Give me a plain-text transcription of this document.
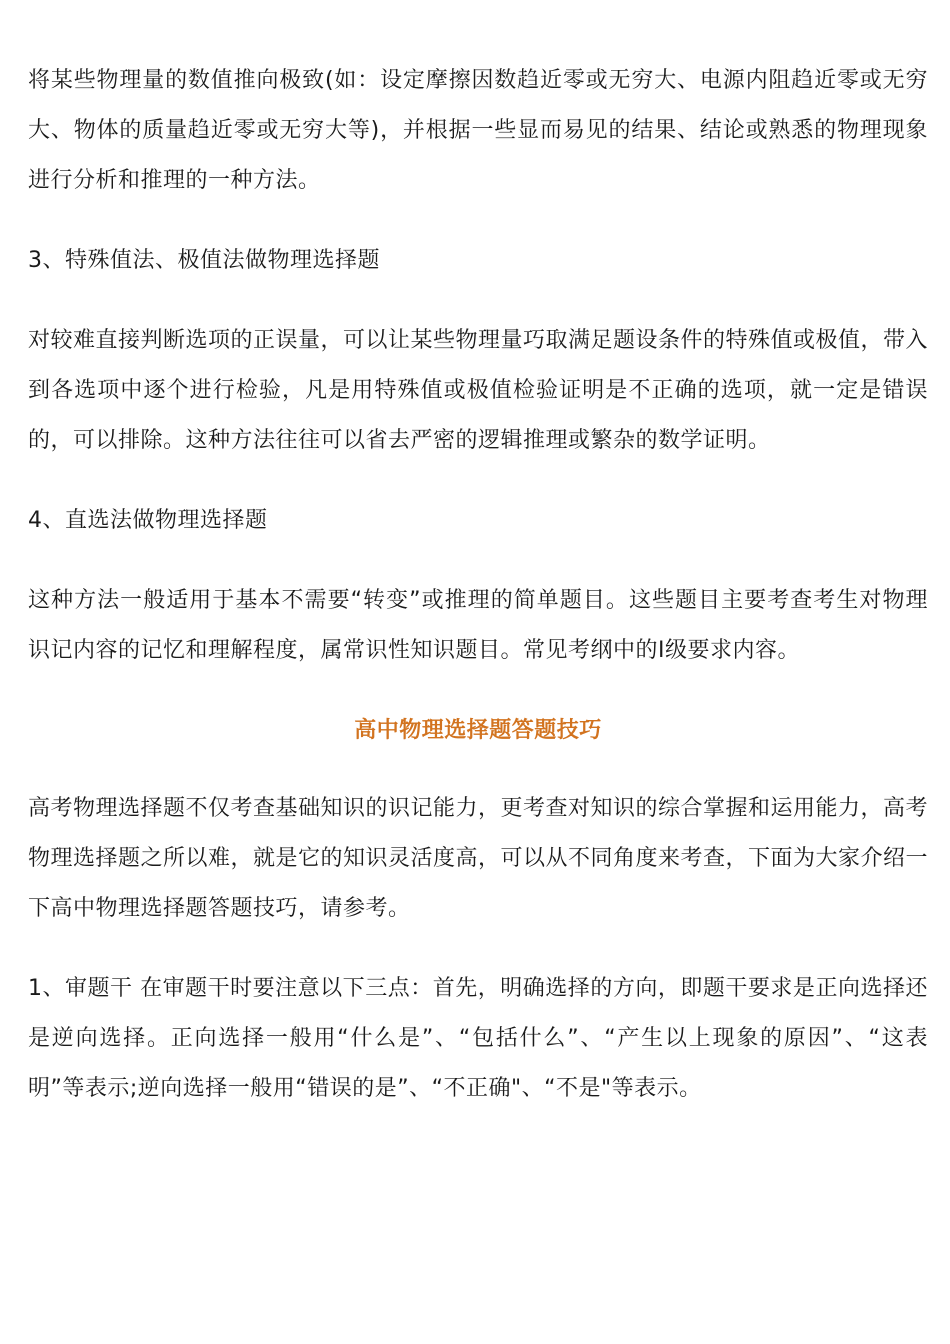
将某些物理量的数值推向极致(如：设定摩擦因数趋近零或无穷大、电源内阻趋近零或无穷大、物体的质量趋近零或无穷大等)，并根据一些显而易见的结果、结论或熟悉的物理现象进行分析和推理的一种方法。

3、特殊值法、极值法做物理选择题

对较难直接判断选项的正误量，可以让某些物理量巧取满足题设条件的特殊值或极值，带入到各选项中逐个进行检验，凡是用特殊值或极值检验证明是不正确的选项，就一定是错误的，可以排除。这种方法往往可以省去严密的逻辑推理或繁杂的数学证明。

4、直选法做物理选择题

这种方法一般适用于基本不需要“转变”或推理的简单题目。这些题目主要考查考生对物理识记内容的记忆和理解程度，属常识性知识题目。常见考纲中的Ⅰ级要求内容。

高中物理选择题答题技巧

高考物理选择题不仅考查基础知识的识记能力，更考查对知识的综合掌握和运用能力，高考物理选择题之所以难，就是它的知识灵活度高，可以从不同角度来考查，下面为大家介绍一下高中物理选择题答题技巧，请参考。

1、审题干 在审题干时要注意以下三点：首先，明确选择的方向，即题干要求是正向选择还是逆向选择。正向选择一般用“什么是”、“包括什么”、“产生以上现象的原因”、“这表明”等表示;逆向选择一般用“错误的是”、“不正确"、“不是"等表示。
